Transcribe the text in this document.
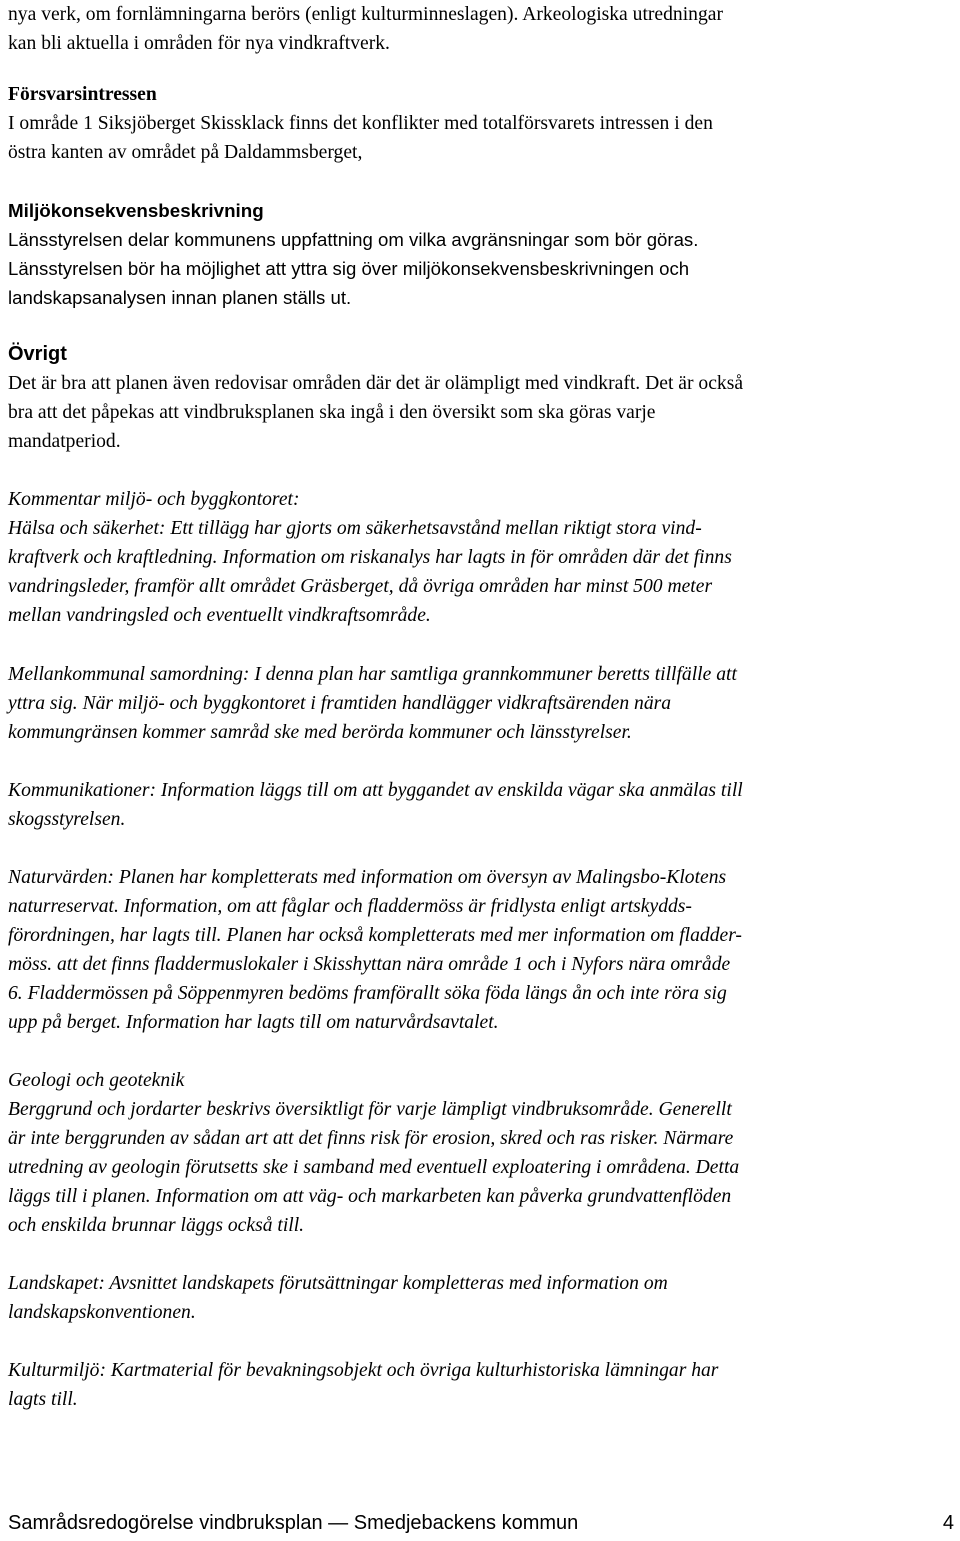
nya verk, om fornlämningarna berörs (enligt kulturminneslagen). Arkeologiska utredningar
kan bli aktuella i områden för nya vindkraftverk.

Försvarsintressen

I område 1 Siksjöberget Skissklack finns det konflikter med totalförsvarets intressen i den
östra kanten av området på Daldammsberget,

Miljökonsekvensbeskrivning

Länsstyrelsen delar kommunens uppfattning om vilka avgränsningar som bör göras.
Länsstyrelsen bör ha möjlighet att yttra sig över miljökonsekvensbeskrivningen och
landskapsanalysen innan planen ställs ut.

Övrigt

Det är bra att planen även redovisar områden där det är olämpligt med vindkraft. Det är också
bra att det påpekas att vindbruksplanen ska ingå i den översikt som ska göras varje
mandatperiod.

Kommentar miljö- och byggkontoret:

Hälsa och säkerhet: Ett tillägg har gjorts om säkerhetsavstånd mellan riktigt stora vind-
kraftverk och kraftledning. Information om riskanalys har lagts in för områden där det finns
vandringsleder, framför allt området Gräsberget, då övriga områden har minst 500 meter
mellan vandringsled och eventuellt vindkraftsområde.

Mellankommunal samordning: I denna plan har samtliga grannkommuner beretts tillfälle att
yttra sig. När miljö- och byggkontoret i framtiden handlägger vidkraftsärenden nära
kommungränsen kommer samråd ske med berörda kommuner och länsstyrelser.

Kommunikationer: Information läggs till om att byggandet av enskilda vägar ska anmälas till
skogsstyrelsen.

Naturvärden: Planen har kompletterats med information om översyn av Malingsbo-Klotens
naturreservat. Information, om att fåglar och fladdermöss är fridlysta enligt artskydds-
förordningen, har lagts till. Planen har också kompletterats med mer information om fladder-
möss. att det finns fladdermuslokaler i Skisshyttan nära område 1 och i Nyfors nära område
6. Fladdermössen på Söppenmyren bedöms framförallt söka föda längs ån och inte röra sig
upp på berget. Information har lagts till om naturvårdsavtalet.

Geologi och geoteknik

Berggrund och jordarter beskrivs översiktligt för varje lämpligt vindbruksområde. Generellt
är inte berggrunden av sådan art att det finns risk för erosion, skred och ras risker. Närmare
utredning av geologin förutsetts ske i samband med eventuell exploatering i områdena. Detta
läggs till i planen. Information om att väg- och markarbeten kan påverka grundvattenflöden
och enskilda brunnar läggs också till.

Landskapet: Avsnittet landskapets förutsättningar kompletteras med information om
landskapskonventionen.

Kulturmiljö: Kartmaterial för bevakningsobjekt och övriga kulturhistoriska lämningar har
lagts till.

Samrådsredogörelse vindbruksplan — Smedjebackens kommun	4
